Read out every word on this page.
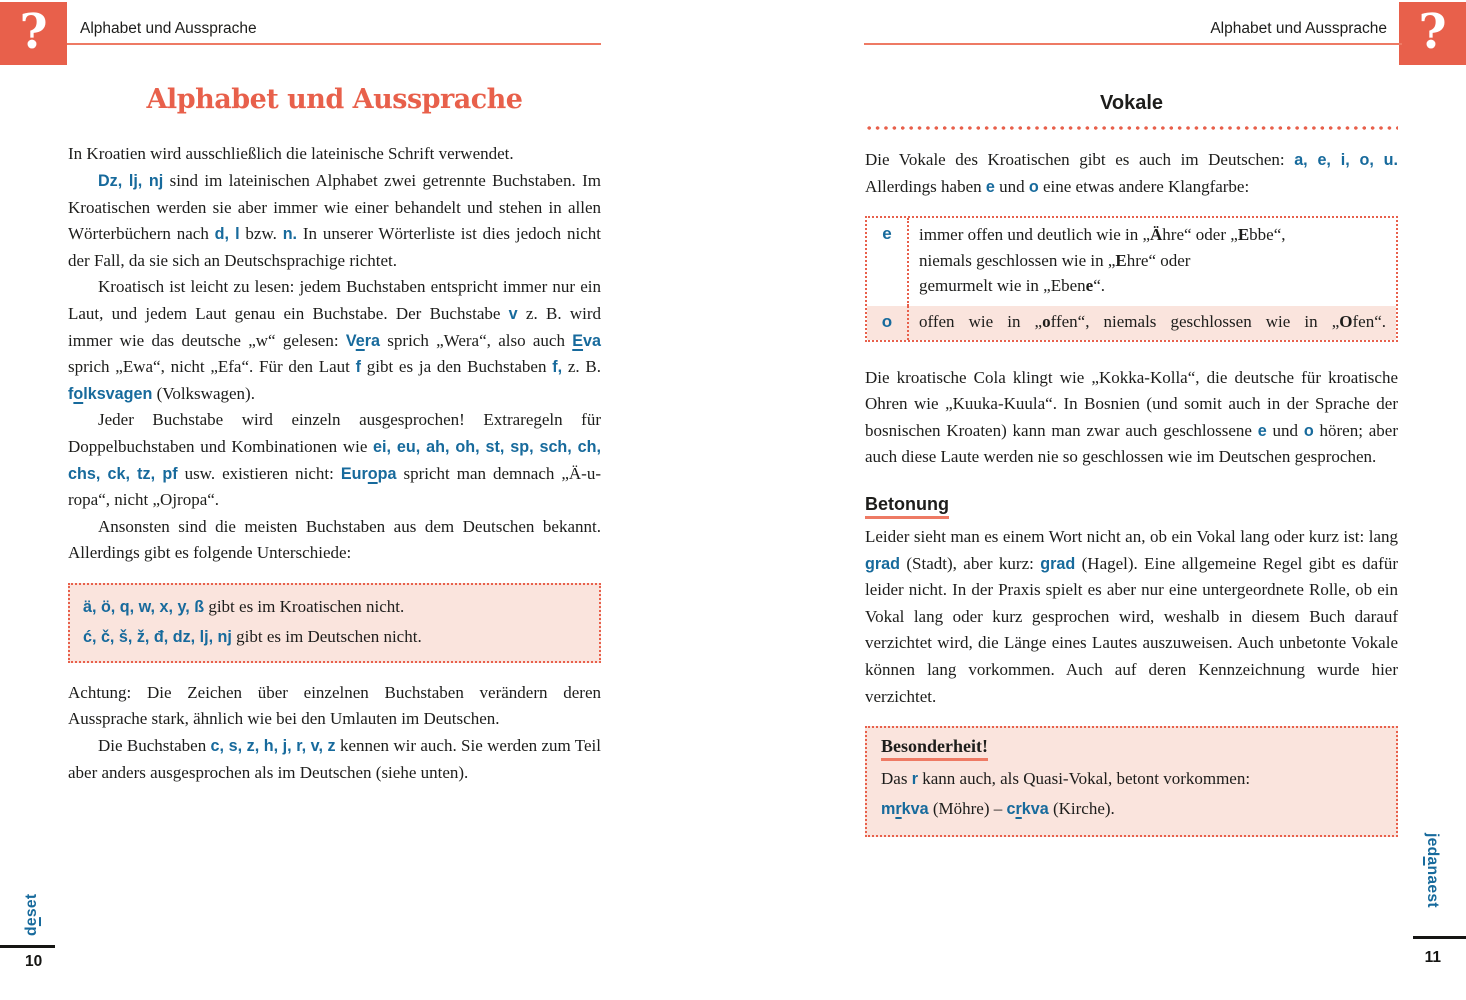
?	?
Alphabet und Aussprache	Alphabet und Aussprache
Alphabet und Aussprache

In Kroatien wird ausschließlich die lateinische Schrift verwendet.

Dz, lj, nj sind im lateinischen Alphabet zwei getrennte Buchstaben. Im Kroatischen werden sie aber immer wie einer behandelt und stehen in allen Wörterbüchern nach d, l bzw. n. In unserer Wörterliste ist dies jedoch nicht der Fall, da sie sich an Deutschsprachige richtet.

Kroatisch ist leicht zu lesen: jedem Buchstaben entspricht immer nur ein Laut, und jedem Laut genau ein Buchstabe. Der Buchstabe v z. B. wird immer wie das deutsche „w“ gelesen: Vera sprich „Wera“, also auch Eva sprich „Ewa“, nicht „Efa“. Für den Laut f gibt es ja den Buchstaben f, z. B. folksvagen (Volkswagen).

Jeder Buchstabe wird einzeln ausgesprochen! Extraregeln für Doppelbuchstaben und Kombinationen wie ei, eu, ah, oh, st, sp, sch, ch, chs, ck, tz, pf usw. existieren nicht: Europa spricht man demnach „Ä-u-ropa“, nicht „Ojropa“.

Ansonsten sind die meisten Buchstaben aus dem Deutschen bekannt. Allerdings gibt es folgende Unterschiede:

ä, ö, q, w, x, y, ß gibt es im Kroatischen nicht.
ć, č, š, ž, đ, dz, lj, nj gibt es im Deutschen nicht.

Achtung: Die Zeichen über einzelnen Buchstaben verändern deren Aussprache stark, ähnlich wie bei den Umlauten im Deutschen.

Die Buchstaben c, s, z, h, j, r, v, z kennen wir auch. Sie werden zum Teil aber anders ausgesprochen als im Deutschen (siehe unten).

Vokale

Die Vokale des Kroatischen gibt es auch im Deutschen: a, e, i, o, u. Allerdings haben e und o eine etwas andere Klangfarbe:

e	immer offen und deutlich wie in „Ähre“ oder „Ebbe“,
niemals geschlossen wie in „Ehre“ oder
gemurmelt wie in „Ebene“.
o	offen wie in „offen“, niemals geschlossen wie in „Ofen“.

Die kroatische Cola klingt wie „Kokka-Kolla“, die deutsche für kroatische Ohren wie „Kuuka-Kuula“. In Bosnien (und somit auch in der Sprache der bosnischen Kroaten) kann man zwar auch geschlossene e und o hören; aber auch diese Laute werden nie so geschlossen wie im Deutschen gesprochen.

Betonung

Leider sieht man es einem Wort nicht an, ob ein Vokal lang oder kurz ist: lang grad (Stadt), aber kurz: grad (Hagel). Eine allgemeine Regel gibt es dafür leider nicht. In der Praxis spielt es aber nur eine untergeordnete Rolle, ob ein Vokal lang oder kurz gesprochen wird, weshalb in diesem Buch darauf verzichtet wird, die Länge eines Lautes auszuweisen. Auch unbetonte Vokale können lang vorkommen. Auch auf deren Kennzeichnung wurde hier verzichtet.

Besonderheit!
Das r kann auch, als Quasi-Vokal, betont vorkommen:
mrkva (Möhre) – crkva (Kirche).
deset
jedanaest
10	11
